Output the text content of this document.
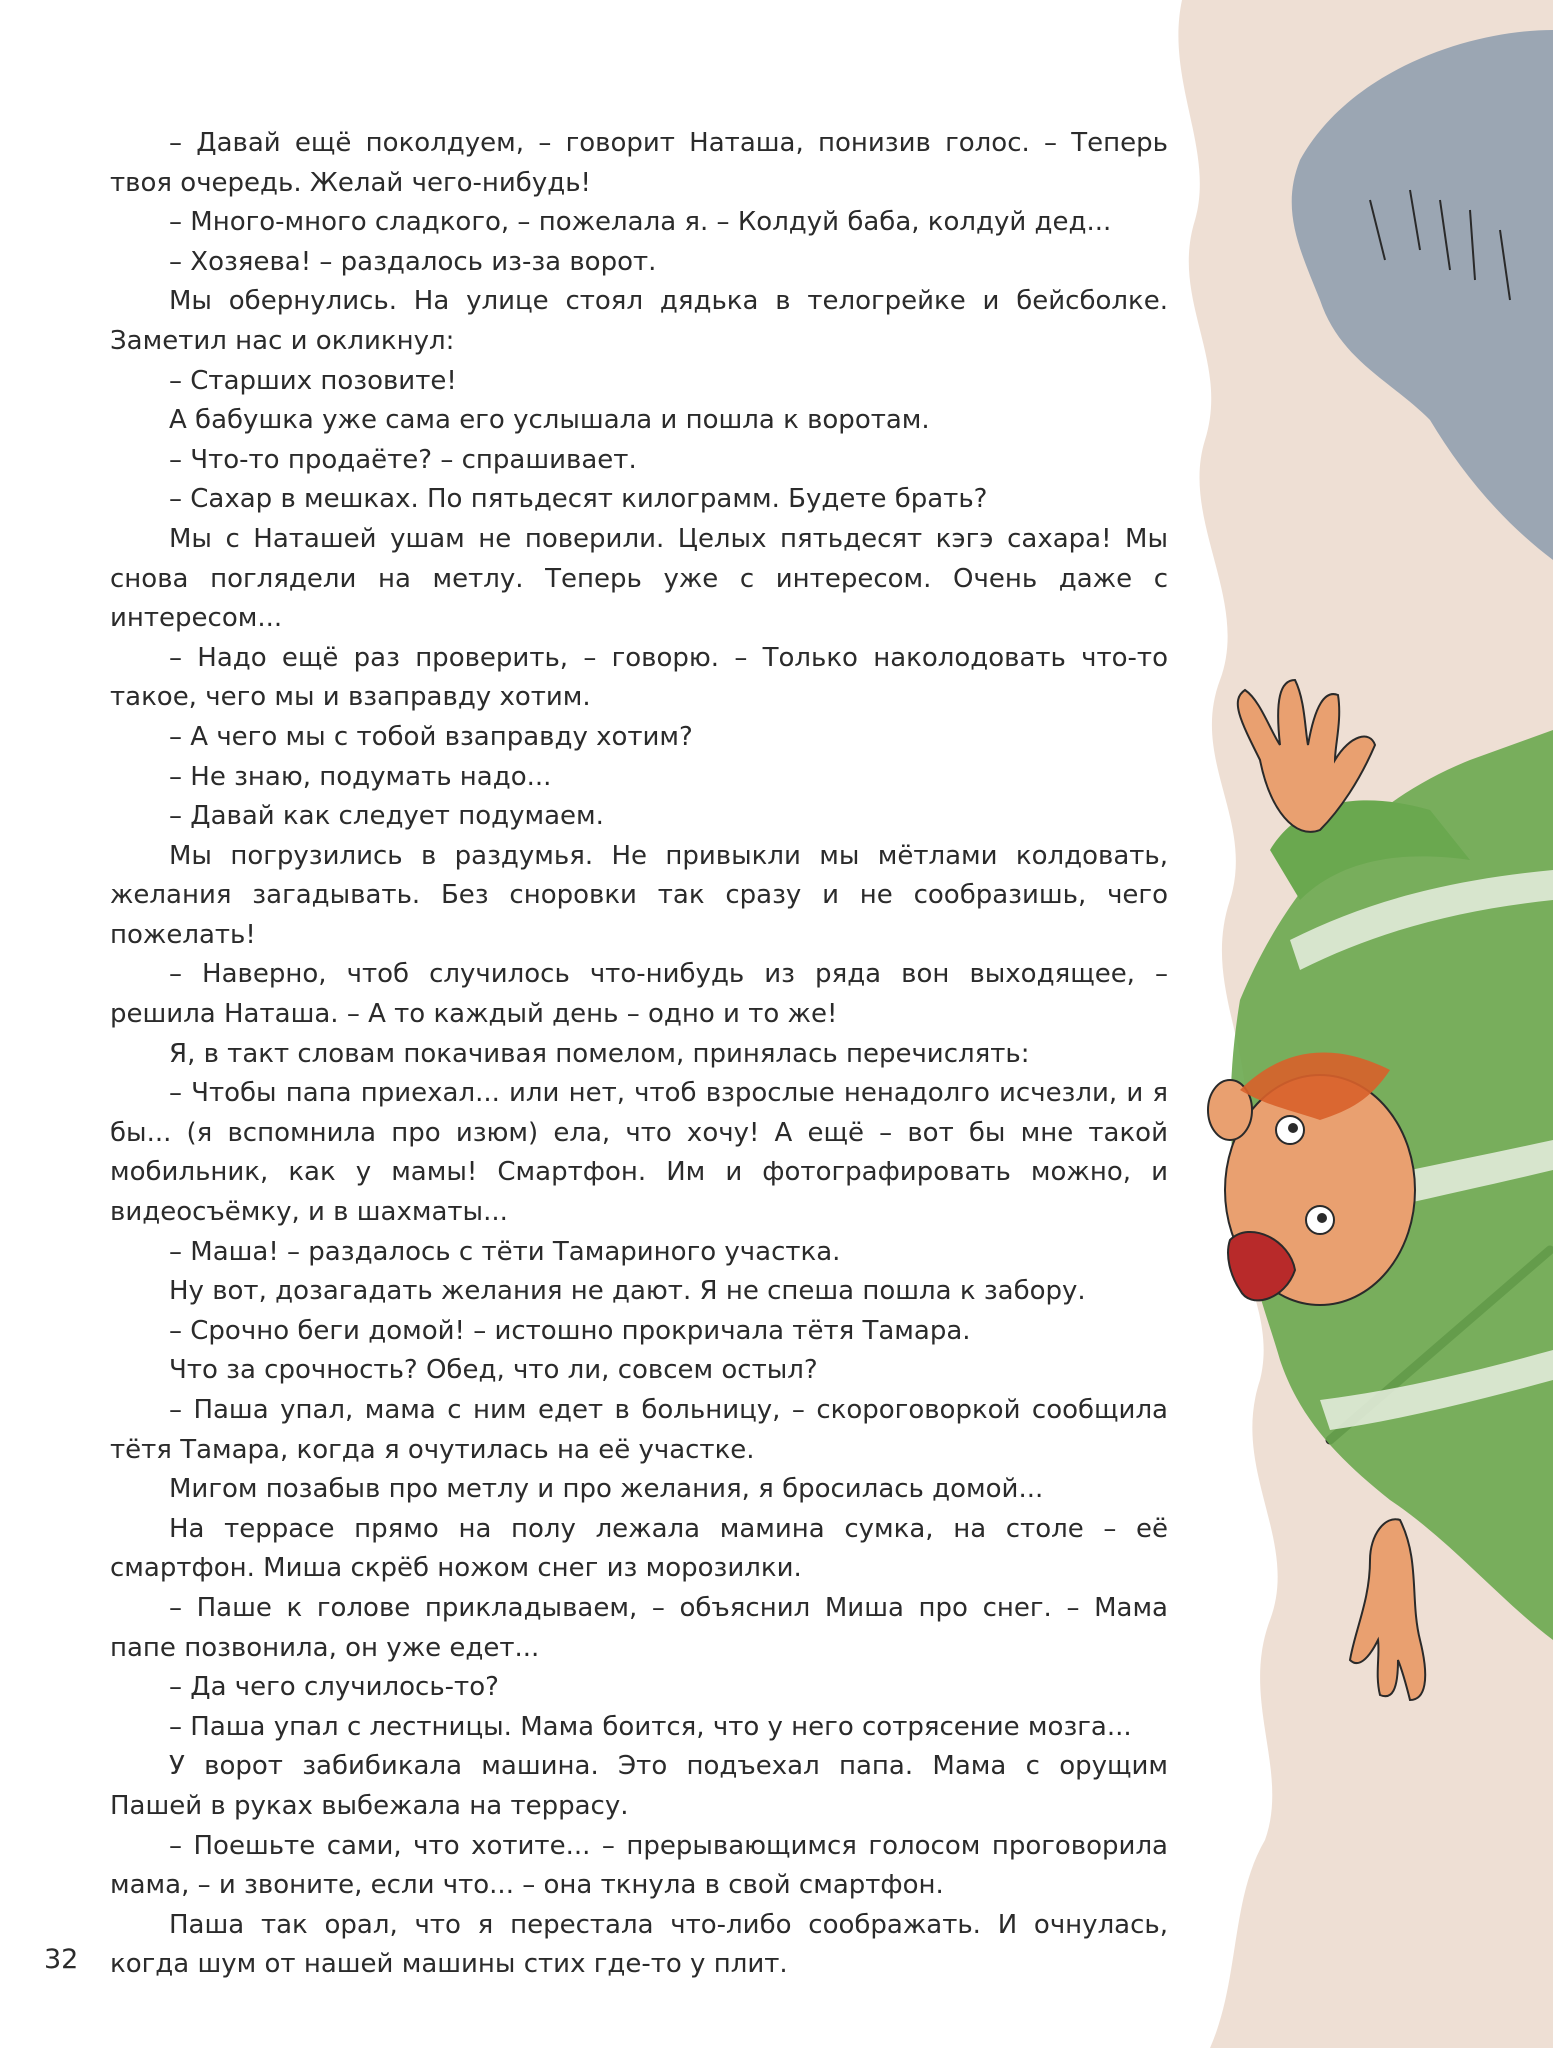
– Давай ещё поколдуем, – говорит Наташа, понизив голос. – Теперь твоя очередь. Желай чего-нибудь!

– Много-много сладкого, – пожелала я. – Колдуй баба, колдуй дед...

– Хозяева! – раздалось из-за ворот.

Мы обернулись. На улице стоял дядька в телогрейке и бейсболке. Заметил нас и окликнул:

– Старших позовите!

А бабушка уже сама его услышала и пошла к воротам.

– Что-то продаёте? – спрашивает.

– Сахар в мешках. По пятьдесят килограмм. Будете брать?

Мы с Наташей ушам не поверили. Целых пятьдесят кэгэ сахара! Мы снова поглядели на метлу. Теперь уже с интересом. Очень даже с интересом...

– Надо ещё раз проверить, – говорю. – Только наколодовать что-то такое, чего мы и взаправду хотим.

– А чего мы с тобой взаправду хотим?

– Не знаю, подумать надо...

– Давай как следует подумаем.

Мы погрузились в раздумья. Не привыкли мы мётлами колдовать, желания загадывать. Без сноровки так сразу и не сообразишь, чего пожелать!

– Наверно, чтоб случилось что-нибудь из ряда вон выходящее, – решила Наташа. – А то каждый день – одно и то же!

Я, в такт словам покачивая помелом, принялась перечислять:

– Чтобы папа приехал... или нет, чтоб взрослые ненадолго исчезли, и я бы... (я вспомнила про изюм) ела, что хочу! А ещё – вот бы мне такой мобильник, как у мамы! Смартфон. Им и фотографировать можно, и видеосъёмку, и в шахматы...

– Маша! – раздалось с тёти Тамариного участка.

Ну вот, дозагадать желания не дают. Я не спеша пошла к забору.

– Срочно беги домой! – истошно прокричала тётя Тамара.

Что за срочность? Обед, что ли, совсем остыл?

– Паша упал, мама с ним едет в больницу, – скороговоркой сообщила тётя Тамара, когда я очутилась на её участке.

Мигом позабыв про метлу и про желания, я бросилась домой...

На террасе прямо на полу лежала мамина сумка, на столе – её смартфон. Миша скрёб ножом снег из морозилки.

– Паше к голове прикладываем, – объяснил Миша про снег. – Мама папе позвонила, он уже едет...

– Да чего случилось-то?

– Паша упал с лестницы. Мама боится, что у него сотрясение мозга...

У ворот забибикала машина. Это подъехал папа. Мама с орущим Пашей в руках выбежала на террасу.

– Поешьте сами, что хотите... – прерывающимся голосом проговорила мама, – и звоните, если что... – она ткнула в свой смартфон.

Паша так орал, что я перестала что-либо соображать. И очнулась, когда шум от нашей машины стих где-то у плит.

32
